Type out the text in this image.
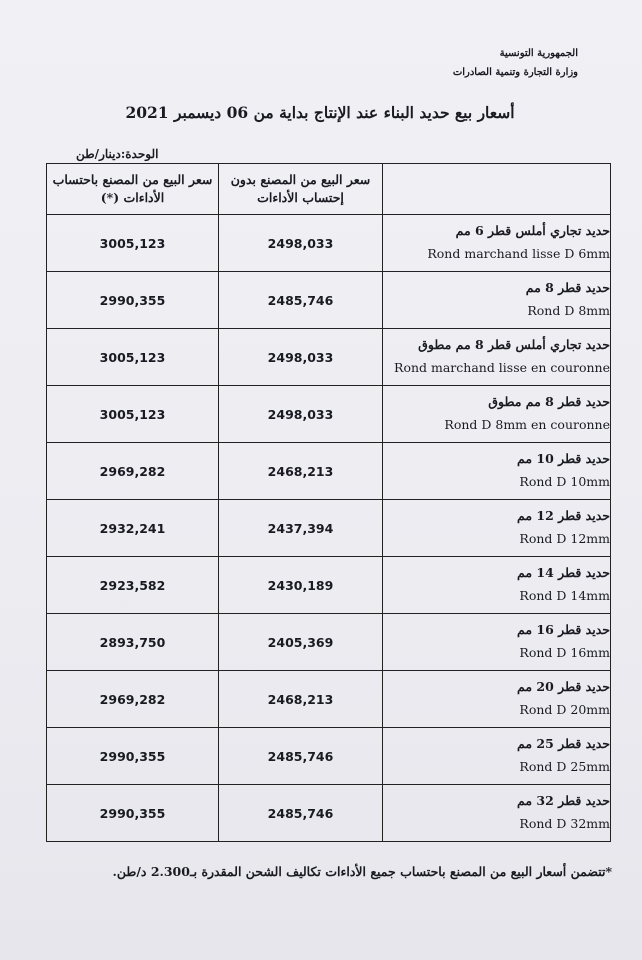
الجمهورية التونسية
وزارة التجارة وتنمية الصادرات
أسعار بيع حديد البناء عند الإنتاج بداية من 06 ديسمبر 2021
الوحدة:دينار/طن
سعر البيع من المصنع باحتساب الأداءات (*)	سعر البيع من المصنع بدون إحتساب الأداءات	
3005,123	2498,033	حديد تجاري أملس قطر 6 مم
Rond marchand lisse D 6mm

2990,355	2485,746	حديد قطر 8 مم
Rond D 8mm

3005,123	2498,033	حديد تجاري أملس قطر 8 مم مطوق
Rond marchand lisse en couronne

3005,123	2498,033	حديد قطر 8 مم مطوق
Rond D 8mm en couronne

2969,282	2468,213	حديد قطر 10 مم
Rond D 10mm

2932,241	2437,394	حديد قطر 12 مم
Rond D 12mm

2923,582	2430,189	حديد قطر 14 مم
Rond D 14mm

2893,750	2405,369	حديد قطر 16 مم
Rond D 16mm

2969,282	2468,213	حديد قطر 20 مم
Rond D 20mm

2990,355	2485,746	حديد قطر 25 مم
Rond D 25mm

2990,355	2485,746	حديد قطر 32 مم
Rond D 32mm
*تتضمن أسعار البيع من المصنع باحتساب جميع الأداءات تكاليف الشحن المقدرة بـ2.300 د/طن.
